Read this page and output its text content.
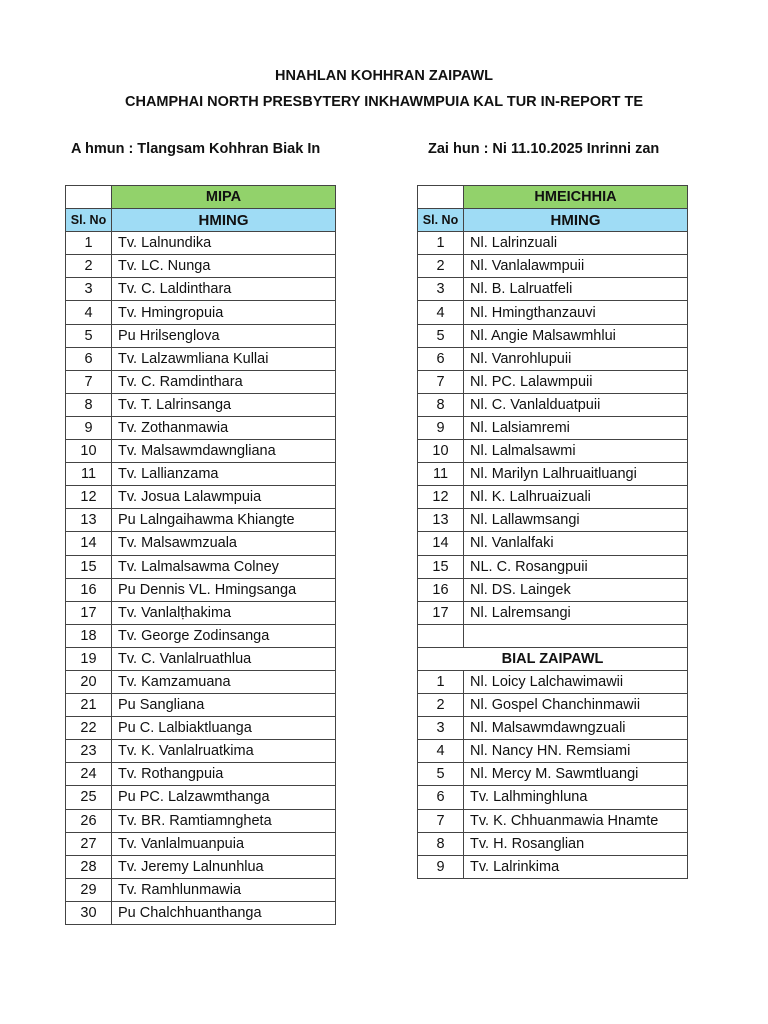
HNAHLAN KOHHRAN ZAIPAWL
CHAMPHAI NORTH PRESBYTERY INKHAWMPUIA KAL TUR IN-REPORT TE
A hmun : Tlangsam Kohhran Biak In	Zai hun : Ni 11.10.2025 Inrinni zan
	MIPA
Sl. No	HMING
1	Tv. Lalnundika
2	Tv. LC. Nunga
3	Tv. C. Laldinthara
4	Tv. Hmingropuia
5	Pu Hrilsenglova
6	Tv. Lalzawmliana Kullai
7	Tv. C. Ramdinthara
8	Tv. T. Lalrinsanga
9	Tv. Zothanmawia
10	Tv. Malsawmdawngliana
11	Tv. Lallianzama
12	Tv. Josua Lalawmpuia
13	Pu Lalngaihawma Khiangte
14	Tv. Malsawmzuala
15	Tv. Lalmalsawma Colney
16	Pu Dennis VL. Hmingsanga
17	Tv. Vanlalṭhakima
18	Tv. George Zodinsanga
19	Tv. C. Vanlalruathlua
20	Tv. Kamzamuana
21	Pu Sangliana
22	Pu C. Lalbiaktluanga
23	Tv. K. Vanlalruatkima
24	Tv. Rothangpuia
25	Pu PC. Lalzawmthanga
26	Tv. BR. Ramtiamngheta
27	Tv. Vanlalmuanpuia
28	Tv. Jeremy Lalnunhlua
29	Tv. Ramhlunmawia
30	Pu Chalchhuanthanga
	HMEICHHIA
Sl. No	HMING
1	Nl. Lalrinzuali
2	Nl. Vanlalawmpuii
3	Nl. B. Lalruatfeli
4	Nl. Hmingthanzauvi
5	Nl. Angie Malsawmhlui
6	Nl. Vanrohlupuii
7	Nl. PC. Lalawmpuii
8	Nl. C. Vanlalduatpuii
9	Nl. Lalsiamremi
10	Nl. Lalmalsawmi
11	Nl. Marilyn Lalhruaitluangi
12	Nl. K. Lalhruaizuali
13	Nl. Lallawmsangi
14	Nl. Vanlalfaki
15	NL. C. Rosangpuii
16	Nl. DS. Laingek
17	Nl. Lalremsangi

BIAL ZAIPAWL	
1	Nl. Loicy Lalchawimawii
2	Nl. Gospel Chanchinmawii
3	Nl. Malsawmdawngzuali
4	Nl. Nancy HN. Remsiami
5	Nl. Mercy M. Sawmtluangi
6	Tv. Lalhminghluna
7	Tv. K. Chhuanmawia Hnamte
8	Tv. H. Rosanglian
9	Tv. Lalrinkima
